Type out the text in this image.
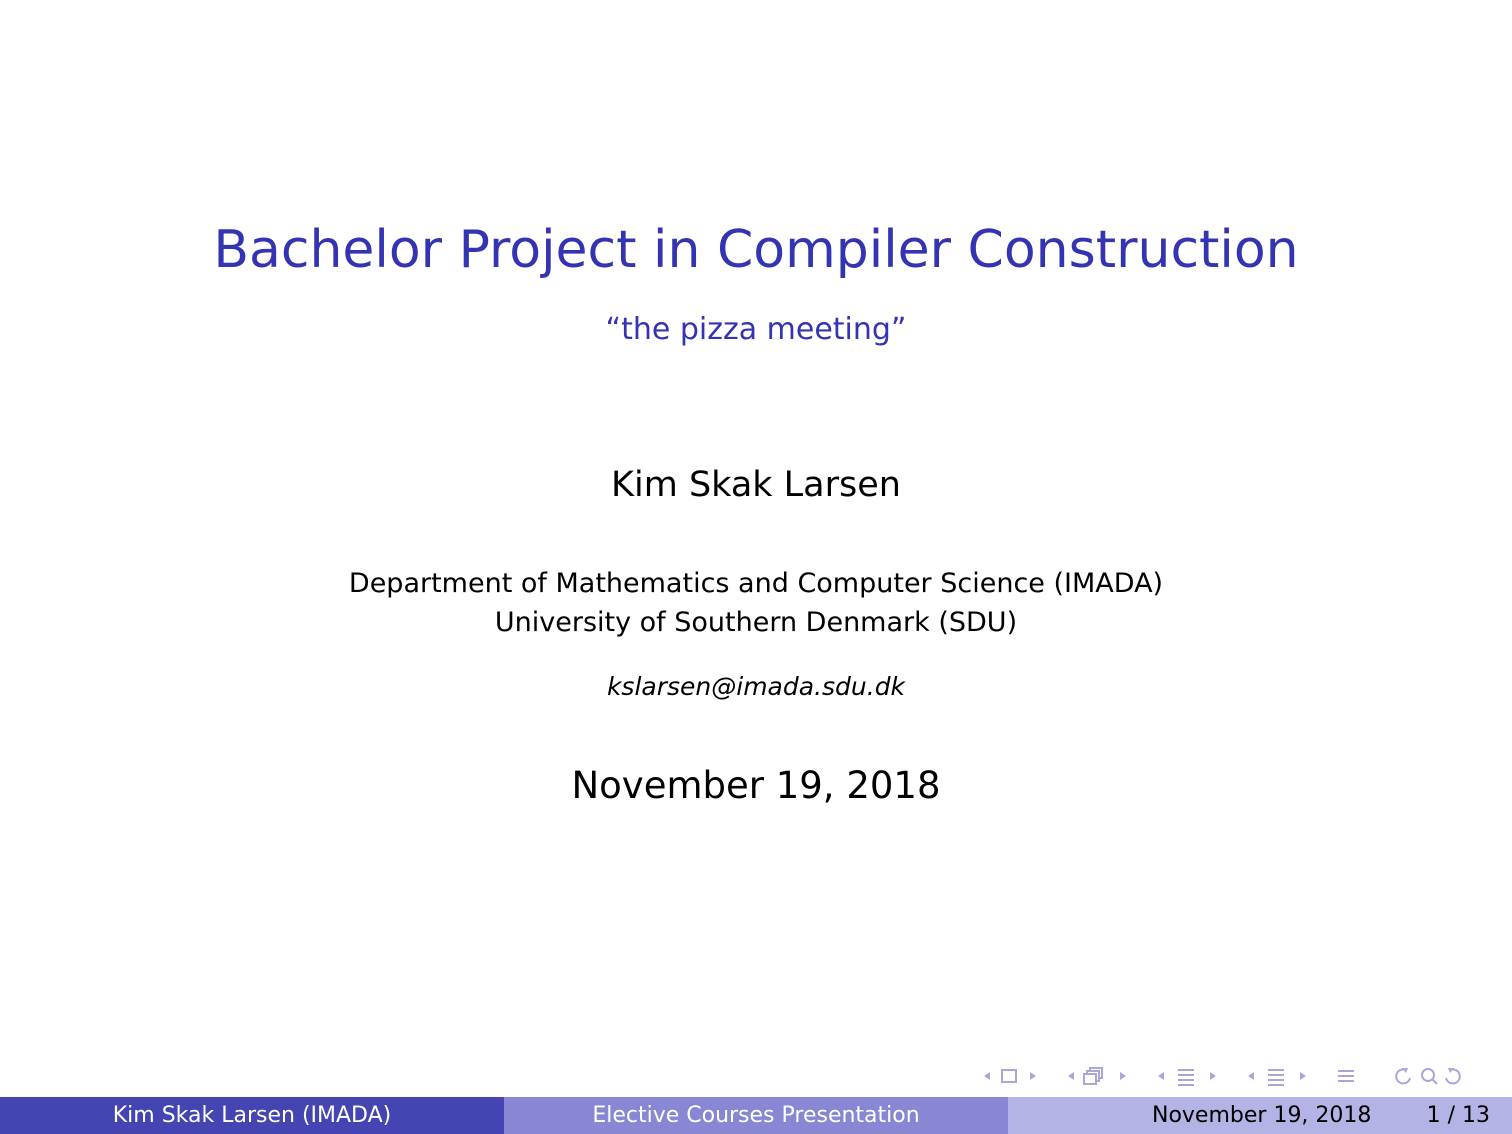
Bachelor Project in Compiler Construction
“the pizza meeting”
Kim Skak Larsen
Department of Mathematics and Computer Science (IMADA)
University of Southern Denmark (SDU)
kslarsen@imada.sdu.dk
November 19, 2018
Kim Skak Larsen (IMADA)	Elective Courses Presentation	November 19, 2018	1 / 13
